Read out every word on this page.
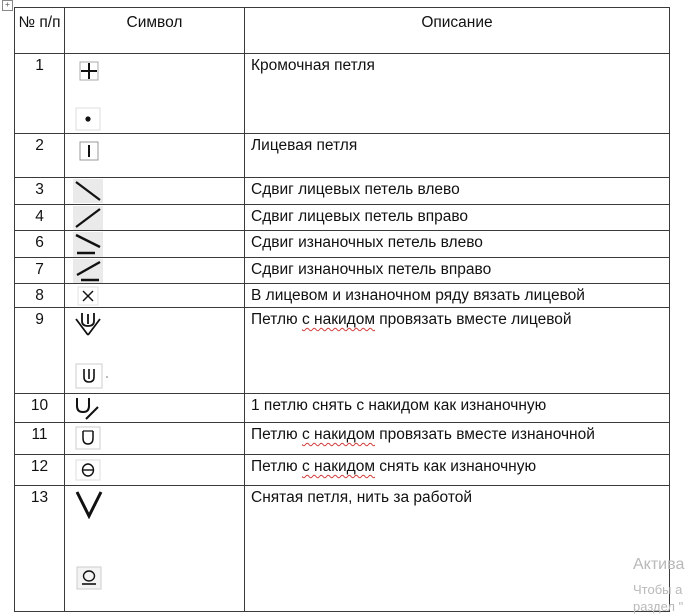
+
№ п/п	Символ	Описание
1		Кромочная петля
2		Лицевая петля
3		Сдвиг лицевых петель влево
4		Сдвиг лицевых петель вправо
6		Сдвиг изнаночных петель влево
7		Сдвиг изнаночных петель вправо
8		В лицевом и изнаночном ряду вязать лицевой
9		Петлю с накидом провязать вместе лицевой
10		1 петлю снять с накидом как изнаночную
11		Петлю с накидом провязать вместе изнаночной
12		Петлю с накидом снять как изнаночную
13		Снятая петля, нить за работой
Актива
Чтобы а
раздел "
